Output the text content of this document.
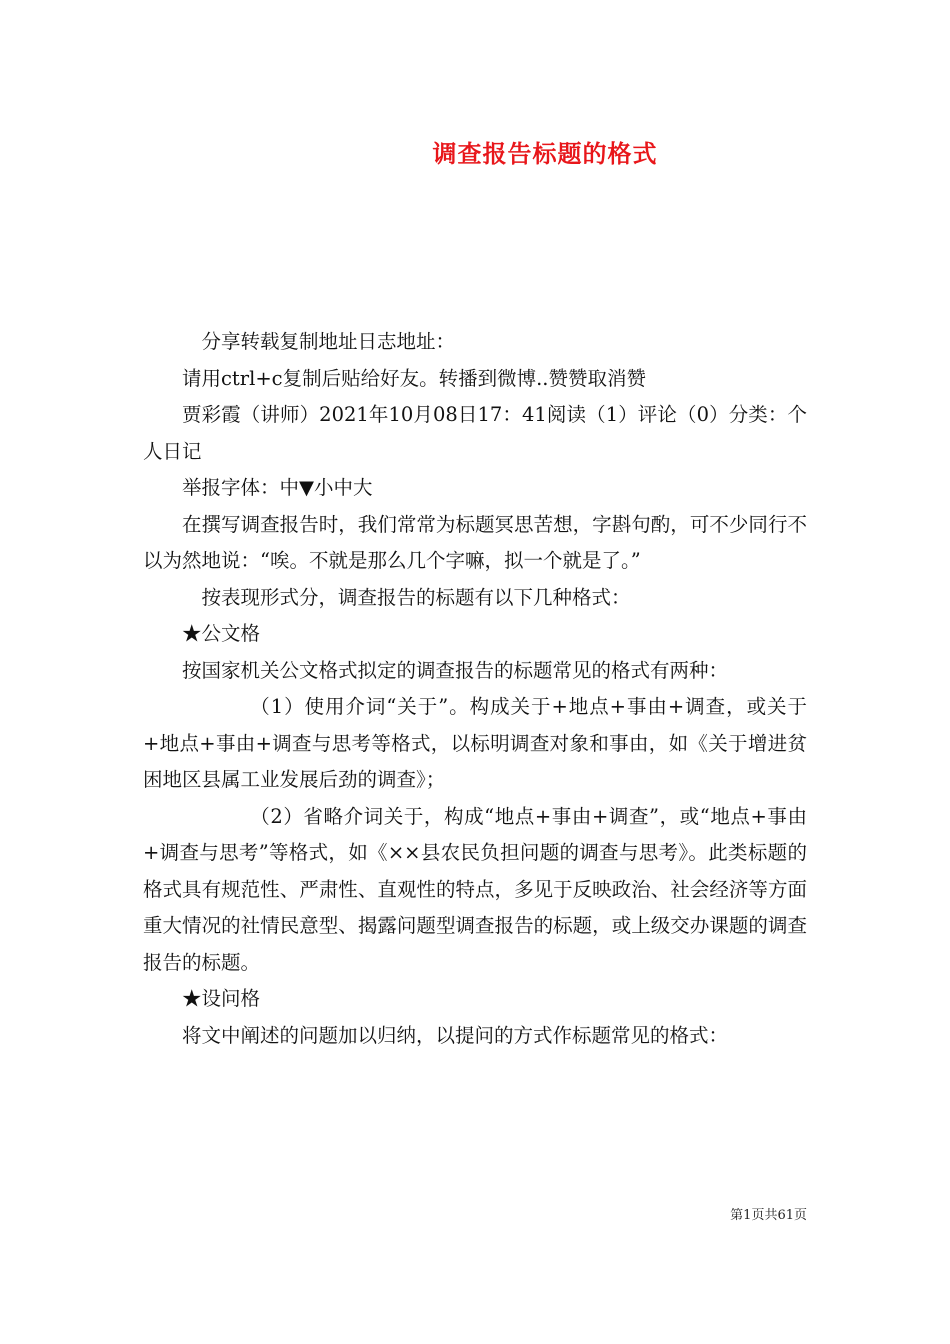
调查报告标题的格式

分享转载复制地址日志地址：

请用ctrl+c复制后贴给好友。转播到微博..赞赞取消赞

贾彩霞（讲师）2021年10月08日17：41阅读（1）评论（0）分类：个人日记

举报字体：中▼小中大

在撰写调查报告时，我们常常为标题冥思苦想，字斟句酌，可不少同行不以为然地说：“唉。不就是那么几个字嘛，拟一个就是了。”

按表现形式分，调查报告的标题有以下几种格式：

★公文格

按国家机关公文格式拟定的调查报告的标题常见的格式有两种：

（1）使用介词“关于”。构成关于+地点+事由+调查，或关于+地点+事由+调查与思考等格式，以标明调查对象和事由，如《关于增进贫困地区县属工业发展后劲的调查》；

（2）省略介词关于，构成“地点+事由+调查”，或“地点+事由+调查与思考”等格式，如《××县农民负担问题的调查与思考》。此类标题的格式具有规范性、严肃性、直观性的特点，多见于反映政治、社会经济等方面重大情况的社情民意型、揭露问题型调查报告的标题，或上级交办课题的调查报告的标题。

★设问格

将文中阐述的问题加以归纳，以提问的方式作标题常见的格式：

第1页共61页
